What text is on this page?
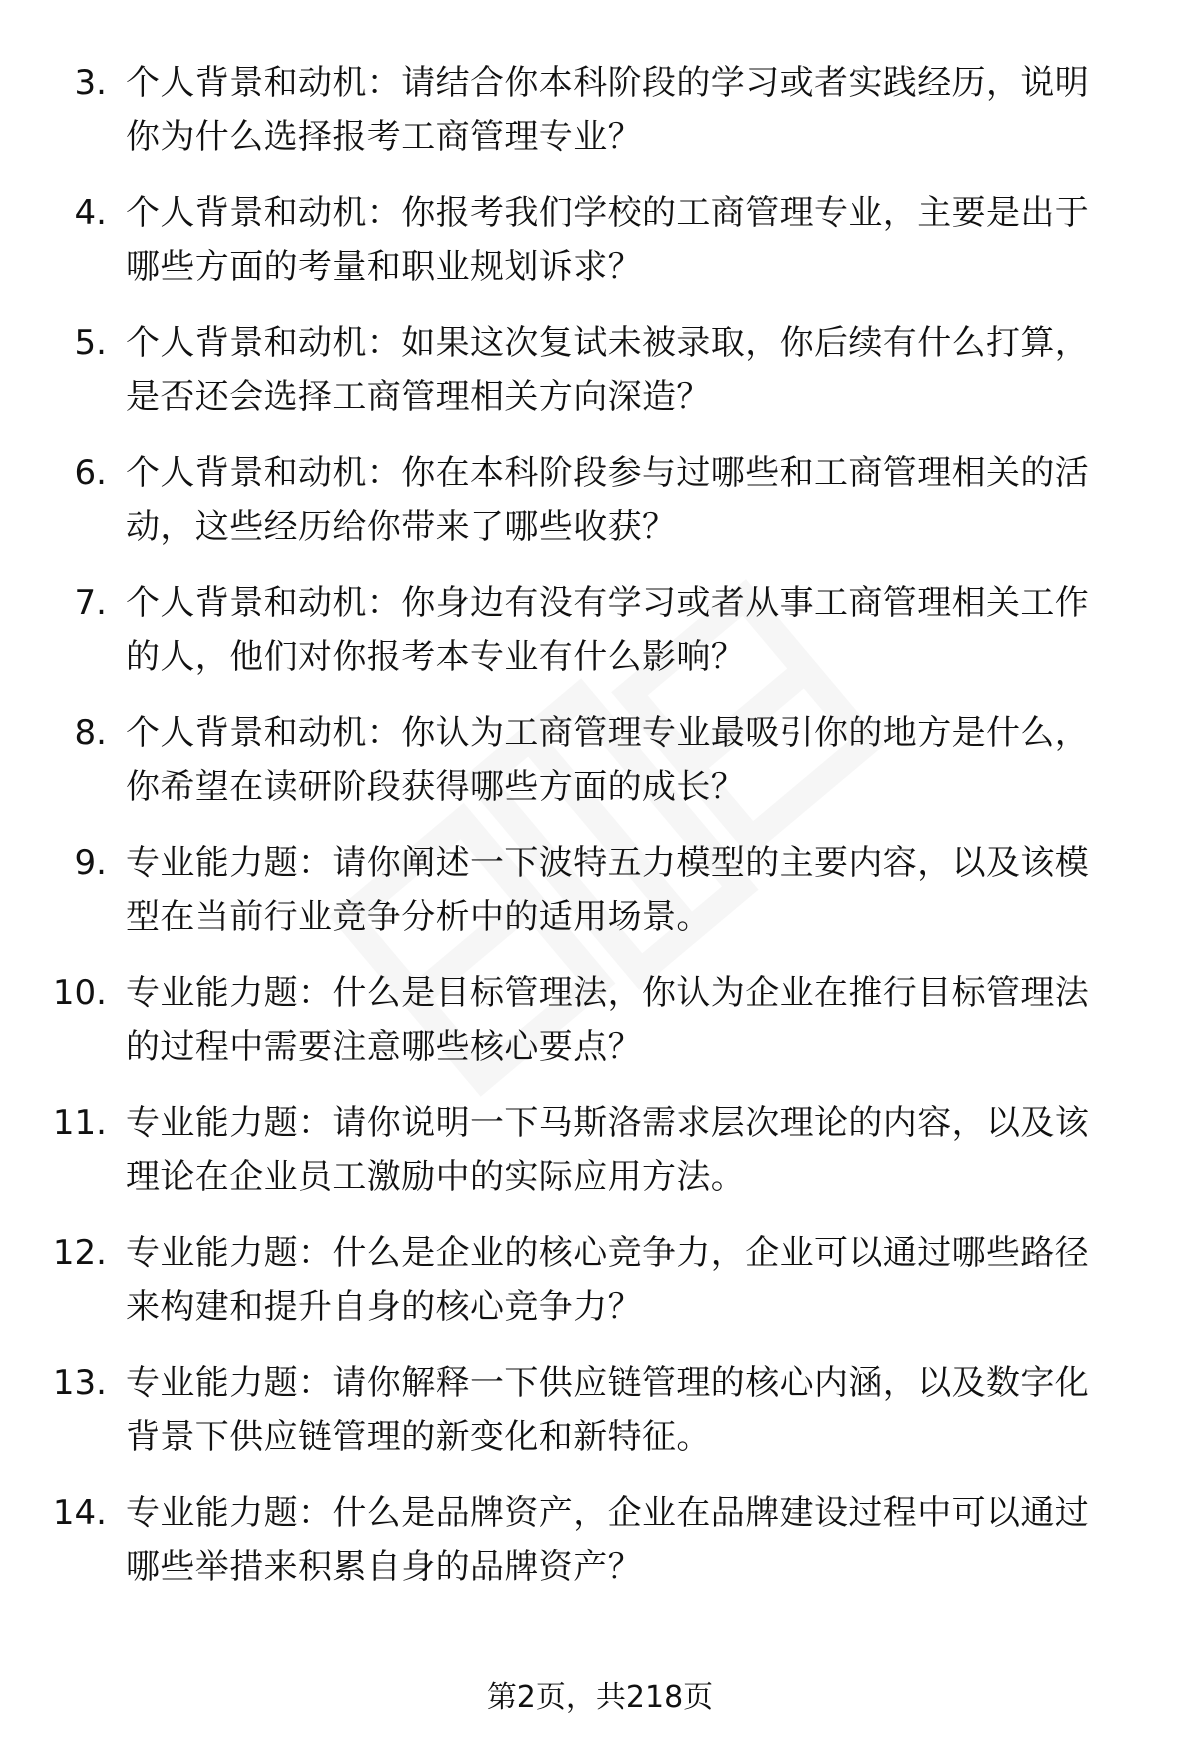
3. 个人背景和动机：请结合你本科阶段的学习或者实践经历，说明
你为什么选择报考工商管理专业？
4. 个人背景和动机：你报考我们学校的工商管理专业，主要是出于
哪些方面的考量和职业规划诉求？
5. 个人背景和动机：如果这次复试未被录取，你后续有什么打算，
是否还会选择工商管理相关方向深造？
6. 个人背景和动机：你在本科阶段参与过哪些和工商管理相关的活
动，这些经历给你带来了哪些收获？
7. 个人背景和动机：你身边有没有学习或者从事工商管理相关工作
的人，他们对你报考本专业有什么影响？
8. 个人背景和动机：你认为工商管理专业最吸引你的地方是什么，
你希望在读研阶段获得哪些方面的成长？
9. 专业能力题：请你阐述一下波特五力模型的主要内容，以及该模
型在当前行业竞争分析中的适用场景。
10. 专业能力题：什么是目标管理法，你认为企业在推行目标管理法
的过程中需要注意哪些核心要点？
11. 专业能力题：请你说明一下马斯洛需求层次理论的内容，以及该
理论在企业员工激励中的实际应用方法。
12. 专业能力题：什么是企业的核心竞争力，企业可以通过哪些路径
来构建和提升自身的核心竞争力？
13. 专业能力题：请你解释一下供应链管理的核心内涵，以及数字化
背景下供应链管理的新变化和新特征。
14. 专业能力题：什么是品牌资产，企业在品牌建设过程中可以通过
哪些举措来积累自身的品牌资产？
第2页，共218页
